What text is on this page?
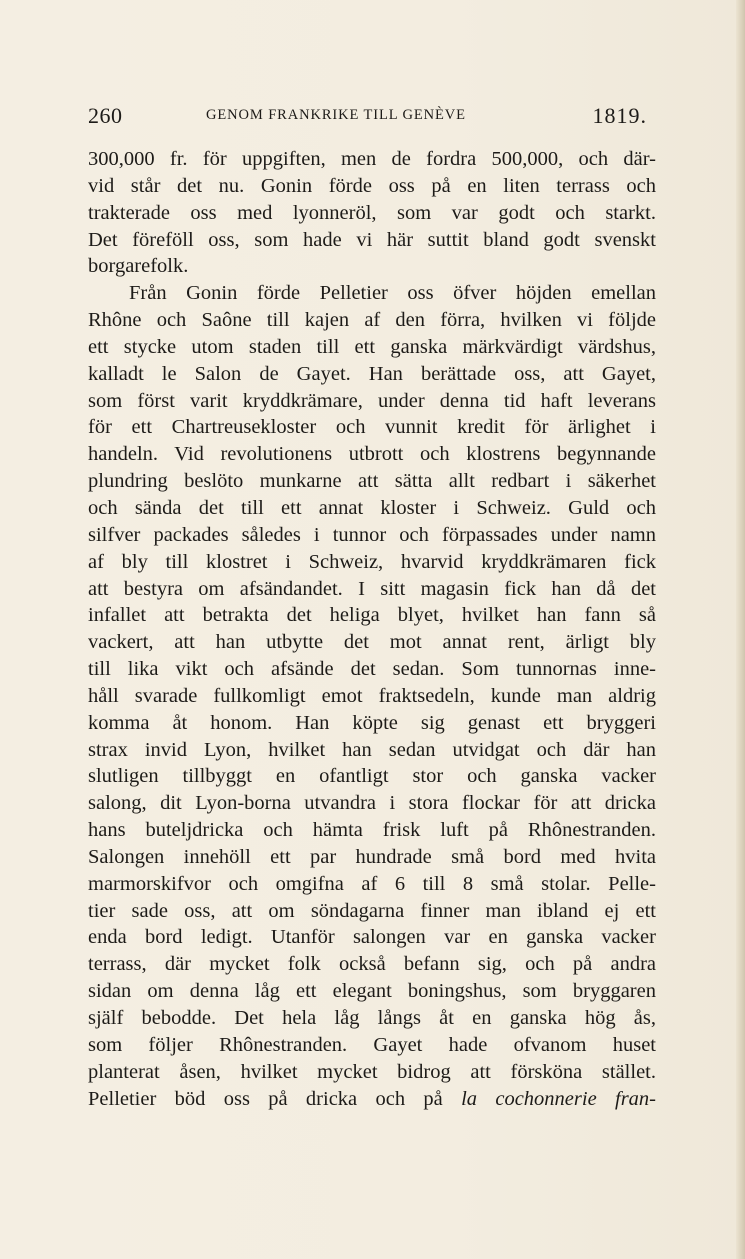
260	GENOM FRANKRIKE TILL GENÈVE	1819.
300,000 fr. för uppgiften, men de fordra 500,000, och där-
vid står det nu. Gonin förde oss på en liten terrass och
trakterade oss med lyonneröl, som var godt och starkt.
Det föreföll oss, som hade vi här suttit bland godt svenskt
borgarefolk.
Från Gonin förde Pelletier oss öfver höjden emellan
Rhône och Saône till kajen af den förra, hvilken vi följde
ett stycke utom staden till ett ganska märkvärdigt värdshus,
kalladt le Salon de Gayet. Han berättade oss, att Gayet,
som först varit kryddkrämare, under denna tid haft leverans
för ett Chartreusekloster och vunnit kredit för ärlighet i
handeln. Vid revolutionens utbrott och klostrens begynnande
plundring beslöto munkarne att sätta allt redbart i säkerhet
och sända det till ett annat kloster i Schweiz. Guld och
silfver packades således i tunnor och förpassades under namn
af bly till klostret i Schweiz, hvarvid kryddkrämaren fick
att bestyra om afsändandet. I sitt magasin fick han då det
infallet att betrakta det heliga blyet, hvilket han fann så
vackert, att han utbytte det mot annat rent, ärligt bly
till lika vikt och afsände det sedan. Som tunnornas inne-
håll svarade fullkomligt emot fraktsedeln, kunde man aldrig
komma åt honom. Han köpte sig genast ett bryggeri
strax invid Lyon, hvilket han sedan utvidgat och där han
slutligen tillbyggt en ofantligt stor och ganska vacker
salong, dit Lyon-borna utvandra i stora flockar för att dricka
hans buteljdricka och hämta frisk luft på Rhônestranden.
Salongen innehöll ett par hundrade små bord med hvita
marmorskifvor och omgifna af 6 till 8 små stolar. Pelle-
tier sade oss, att om söndagarna finner man ibland ej ett
enda bord ledigt. Utanför salongen var en ganska vacker
terrass, där mycket folk också befann sig, och på andra
sidan om denna låg ett elegant boningshus, som bryggaren
själf bebodde. Det hela låg långs åt en ganska hög ås,
som följer Rhônestranden. Gayet hade ofvanom huset
planterat åsen, hvilket mycket bidrog att försköna stället.
Pelletier böd oss på dricka och på la cochonnerie fran-
